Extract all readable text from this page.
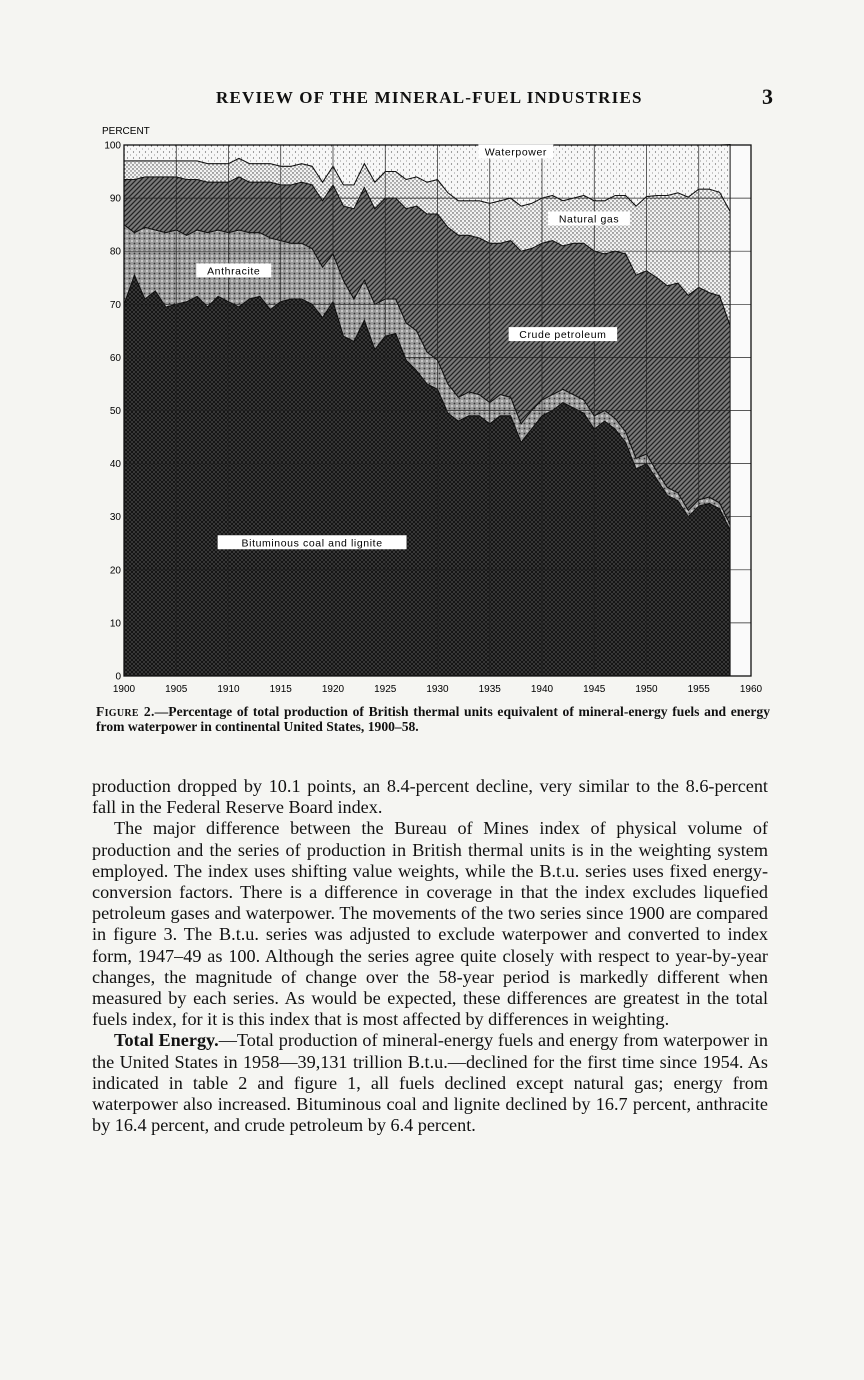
REVIEW OF THE MINERAL-FUEL INDUSTRIES	3
PERCENT
0
10
20
30
40
50
60
70
80
90
100
1900	1905	1910	1915	1920	1925	1930	1935	1940	1945	1950	1955	1960
Waterpower
Natural gas
Anthracite
Crude petroleum
Bituminous coal and lignite
Figure 2.—Percentage of total production of British thermal units equivalent of mineral-energy fuels and energy from waterpower in continental United States, 1900–58.

production dropped by 10.1 points, an 8.4-percent decline, very similar to the 8.6-percent fall in the Federal Reserve Board index.

The major difference between the Bureau of Mines index of physical volume of production and the series of production in British thermal units is in the weighting system employed. The index uses shifting value weights, while the B.t.u. series uses fixed energy-conversion factors. There is a difference in coverage in that the index excludes liquefied petroleum gases and waterpower. The movements of the two series since 1900 are compared in figure 3. The B.t.u. series was adjusted to exclude waterpower and converted to index form, 1947–49 as 100. Although the series agree quite closely with respect to year-by-year changes, the magnitude of change over the 58-year period is markedly different when measured by each series. As would be expected, these differences are greatest in the total fuels index, for it is this index that is most affected by differences in weighting.

Total Energy.—Total production of mineral-energy fuels and energy from waterpower in the United States in 1958—39,131 trillion B.t.u.—declined for the first time since 1954. As indicated in table 2 and figure 1, all fuels declined except natural gas; energy from waterpower also increased. Bituminous coal and lignite declined by 16.7 percent, anthracite by 16.4 percent, and crude petroleum by 6.4 percent.
